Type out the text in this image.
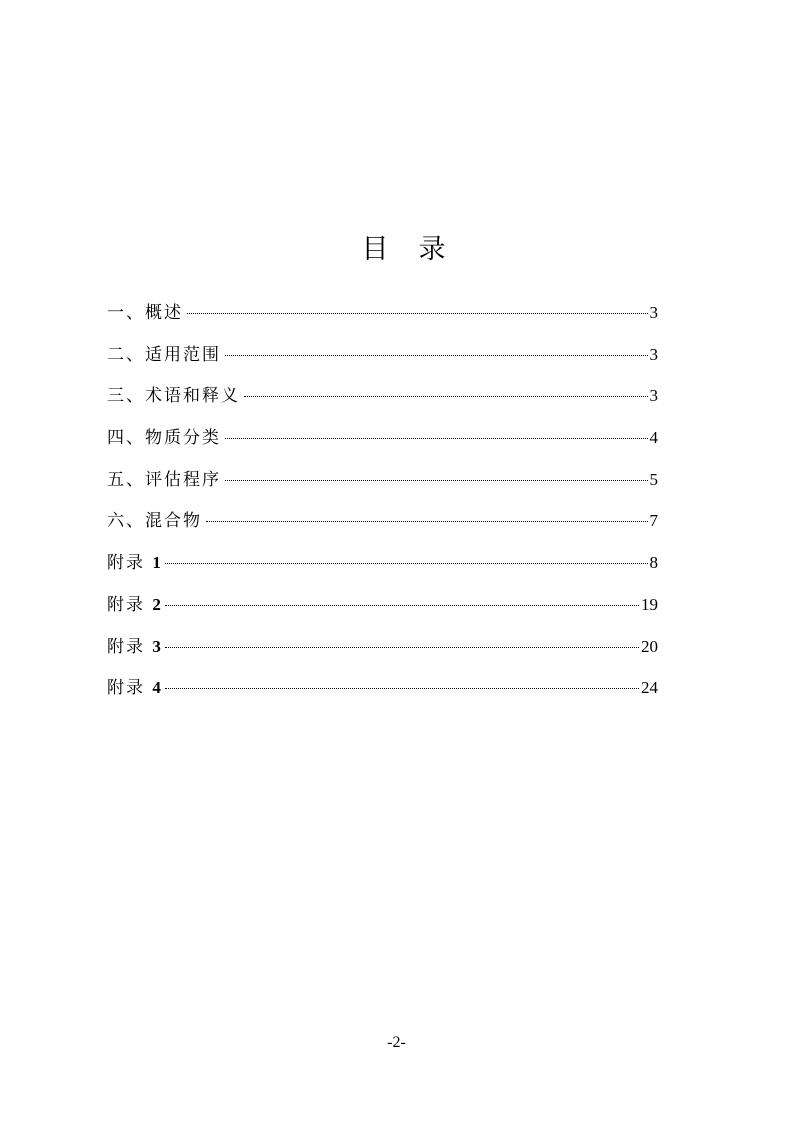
目录
一、概述	3
二、适用范围	3
三、术语和释义	3
四、物质分类	4
五、评估程序	5
六、混合物	7
附录 1	8
附录 2	19
附录 3	20
附录 4	24
-2-
